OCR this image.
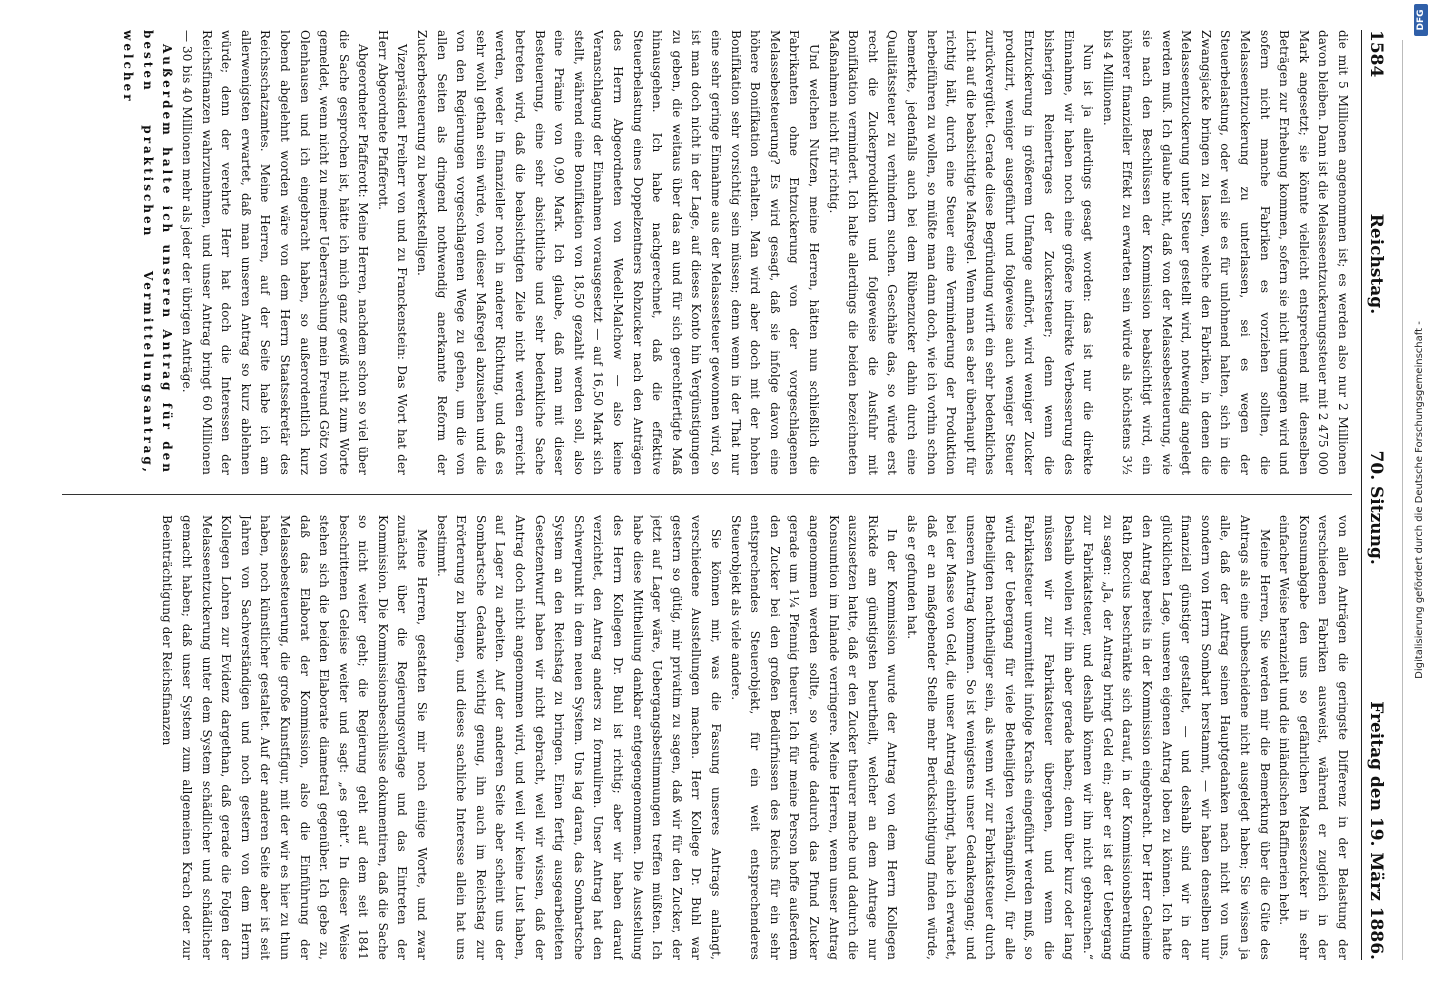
1584
Reichstag.
70. Sitzung.
Freitag den 19. März 1886.

die mit 5 Millionen angenommen ist; es werden also nur 2 Millionen davon bleiben. Dann ist die Melasseentzuckerungssteuer mit 2 475 000 Mark angesetzt; sie könnte vielleicht entsprechend mit denselben Beträgen zur Erhebung kommen, sofern sie nicht umgangen wird und sofern nicht manche Fabriken es vorziehen sollten, die Melasseentzuckerung zu unterlassen, sei es wegen der Steuerbelastung, oder weil sie es für unlohnend halten, sich in die Zwangsjacke bringen zu lassen, welche den Fabriken, in denen die Melasseentzuckerung unter Steuer gestellt wird, notwendig angelegt werden muß. Ich glaube nicht, daß von der Melassebesteuerung, wie sie nach den Beschlüssen der Kommission beabsichtigt wird, ein höherer finanzieller Effekt zu erwarten sein würde als höchstens 3½ bis 4 Millionen.

Nun ist ja allerdings gesagt worden: das ist nur die direkte Einnahme, wir haben noch eine größere indirekte Verbesserung des bisherigen Reinertrages der Zuckersteuer; denn wenn die Entzuckerung in größerem Umfange aufhört, wird weniger Zucker produzirt, weniger ausgeführt und folgeweise auch weniger Steuer zurückvergütet. Gerade diese Begründung wirft ein sehr bedenkliches Licht auf die beabsichtigte Maßregel. Wenn man es aber überhaupt für richtig hält, durch eine Steuer eine Verminderung der Produktion herbeiführen zu wollen, so müßte man dann doch, wie ich vorhin schon bemerkte, jedenfalls auch bei dem Rübenzucker dahin durch eine Qualitätssteuer zu verhindern suchen. Geschähe das, so würde erst recht die Zuckerproduktion und folgeweise die Ausfuhr mit Bonifikation vermindert. Ich halte allerdings die beiden bezeichneten Maßnahmen nicht für richtig.

Und welchen Nutzen, meine Herren, hätten nun schließlich die Fabrikanten ohne Entzuckerung von der vorgeschlagenen Melassebesteuerung? Es wird gesagt, daß sie infolge davon eine höhere Bonifikation erhalten. Man wird aber doch mit der hohen Bonifikation sehr vorsichtig sein müssen; denn wenn in der That nur eine sehr geringe Einnahme aus der Melassesteuer gewonnen wird, so ist man doch nicht in der Lage, auf dieses Konto hin Vergünstigungen zu geben, die weitaus über das an und für sich gerechtfertigte Maß hinausgehen. Ich habe nachgerechnet, daß die effektive Steuerbelastung eines Doppelzentners Rohzucker nach den Anträgen des Herrn Abgeordneten von Wedell-Malchow — also keine Veranschlagung der Einnahmen vorausgesetzt — auf 16,50 Mark sich stellt, während eine Bonifikation von 18,50 gezahlt werden soll, also eine Prämie von 0,90 Mark. Ich glaube, daß man mit dieser Besteuerung, eine sehr absichtliche und sehr bedenkliche Sache betreten wird, daß die beabsichtigten Ziele nicht werden erreicht werden, weder in finanzieller noch in anderer Richtung, und daß es sehr wohl gethan sein würde, von dieser Maßregel abzusehen und die von den Regierungen vorgeschlagenen Wege zu gehen, um die von allen Seiten als dringend nothwendig anerkannte Reform der Zuckerbesteuerung zu bewerkstelligen.

Vizepräsident Freiherr von und zu Franckenstein: Das Wort hat der Herr Abgeordnete Pfafferott.

Abgeordneter Pfafferott: Meine Herren, nachdem schon so viel über die Sache gesprochen ist, hätte ich mich ganz gewiß nicht zum Worte gemeldet, wenn nicht zu meiner Ueberraschung mein Freund Götz von Olenhausen und ich eingebracht haben, so außerordentlich kurz lobend abgelehnt worden wäre von dem Herrn Staatssekretär des Reichsschatzamtes. Meine Herren, auf der Seite habe ich am allerwenigsten erwartet, daß man unseren Antrag so kurz ablehnen würde; denn der verehrte Herr hat doch die Interessen der Reichsfinanzen wahrzunehmen, und unser Antrag bringt 60 Millionen — 30 bis 40 Millionen mehr als jeder der übrigen Anträge.

Außerdem halte ich unseren Antrag für den besten praktischen Vermittelungsantrag, welcher

von allen Anträgen die geringste Differenz in der Belastung der verschiedenen Fabriken ausweist, während er zugleich in der Konsumabgabe den uns so gefährlichen Melassezucker in sehr einfacher Weise heranzieht und die inländischen Raffinerien hebt.

Meine Herren, Sie werden mir die Bemerkung über die Güte des Antrags als eine unbescheidene nicht ausgelegt haben; Sie wissen ja alle, daß der Antrag seinen Hauptgedanken nach nicht von uns, sondern von Herrn Sombart herstammt, — wir haben denselben nur finanziell günstiger gestaltet, — und deshalb sind wir in der glücklichen Lage, unseren eigenen Antrag loben zu können. Ich hatte den Antrag bereits in der Kommission eingebracht. Der Herr Geheime Rath Boccius beschränkte sich darauf, in der Kommissionsberathung zu sagen: „Ja, der Antrag bringt Geld ein; aber er ist der Uebergang zur Fabrikatsteuer, und deshalb können wir ihn nicht gebrauchen.“ Deshalb wollen wir ihn aber gerade haben; denn über kurz oder lang müssen wir zur Fabrikatsteuer übergehen, und wenn die Fabrikatsteuer unvermittelt infolge Krachs eingeführt werden muß, so wird der Uebergang für viele Betheiligten verhängnißvoll, für alle Betheiligten nachtheiliger sein, als wenn wir zur Fabrikatsteuer durch unseren Antrag kommen. So ist wenigstens unser Gedankengang; und bei der Masse von Geld, die unser Antrag einbringt, habe ich erwartet, daß er an maßgebender Stelle mehr Berücksichtigung finden würde, als er gefunden hat.

In der Kommission wurde der Antrag von dem Herrn Kollegen Rickde am günstigsten beurtheilt, welcher an dem Antrage nur auszusetzen hatte, daß er den Zucker theurer mache und dadurch die Konsumtion im Inlande verringere. Meine Herren, wenn unser Antrag angenommen werden sollte, so würde dadurch das Pfund Zucker gerade um 1¼ Pfennig theurer. Ich für meine Person hoffe außerdem den Zucker bei den großen Bedürfnissen des Reichs für ein sehr entsprechendes Steuerobjekt, für ein weit entsprechenderes Steuerobjekt als viele andere.

Sie können mir, was die Fassung unseres Antrags anlangt, verschiedene Ausstellungen machen. Herr Kollege Dr. Buhl war gestern so gütig, mir privatim zu sagen, daß wir für den Zucker, der jetzt auf Lager wäre, Uebergangsbestimmungen treffen müßten. Ich habe diese Mittheilung dankbar entgegengenommen. Die Ausstellung des Herrn Kollegen Dr. Buhl ist richtig; aber wir haben darauf verzichtet, den Antrag anders zu formuliren. Unser Antrag hat den Schwerpunkt in dem neuen System. Uns lag daran, das Sombartsche System an den Reichstag zu bringen. Einen fertig ausgearbeiteten Gesetzentwurf haben wir nicht gebracht, weil wir wissen, daß der Antrag doch nicht angenommen wird, und weil wir keine Lust haben, auf Lager zu arbeiten. Auf der anderen Seite aber scheint uns der Sombartsche Gedanke wichtig genug, ihn auch im Reichstag zur Erörterung zu bringen, und dieses sachliche Interesse allein hat uns bestimmt.

Meine Herren, gestatten Sie mir noch einige Worte, und zwar zunächst über die Regierungsvorlage und das Eintreten der Kommission. Die Kommissionsbeschlüsse dokumentiren, daß die Sache so nicht weiter geht; die Regierung geht auf dem seit 1841 beschrittenen Geleise weiter und sagt: „es geht“. In dieser Weise stehen sich die beiden Elaborate diametral gegenüber. Ich gebe zu, daß das Elaborat der Kommission, also die Einführung der Melassebesteuerung, die große Kunstfigur, mit der wir es hier zu thun haben, noch künstlicher gestaltet. Auf der anderen Seite aber ist seit Jahren von Sachverständigen und noch gestern von dem Herrn Kollegen Lohren zur Evidenz dargethan, daß gerade die Folgen der Melasseentzuckerung unter dem System schädlicher und schädlicher gemacht haben; daß unser System zum allgemeinen Krach oder zur Beeinträchtigung der Reichsfinanzen

DFG
Digitalisierung gefördert durch die Deutsche Forschungsgemeinschaft -
